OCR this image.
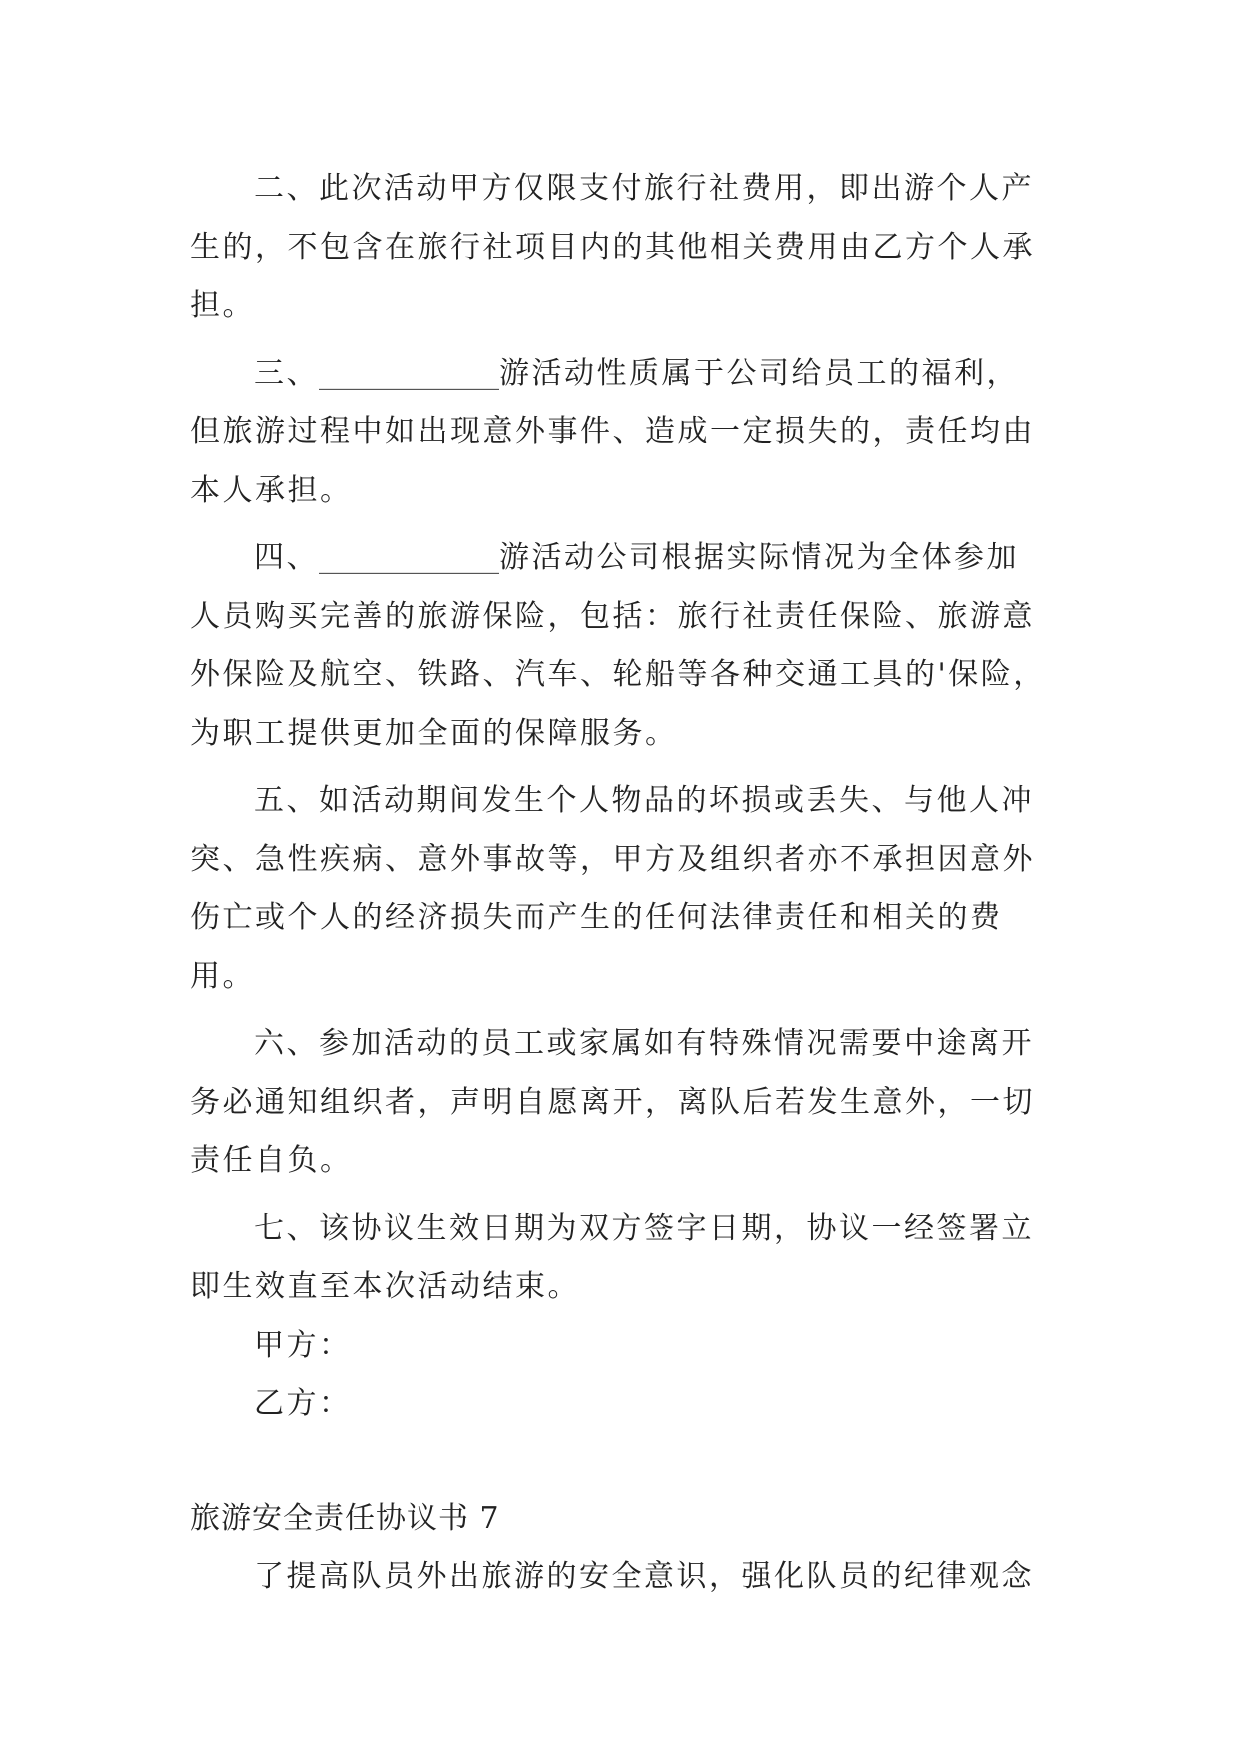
二、此次活动甲方仅限支付旅行社费用，即出游个人产
生的，不包含在旅行社项目内的其他相关费用由乙方个人承
担。
三、____________游活动性质属于公司给员工的福利，
但旅游过程中如出现意外事件、造成一定损失的，责任均由
本人承担。
四、____________游活动公司根据实际情况为全体参加
人员购买完善的旅游保险，包括：旅行社责任保险、旅游意
外保险及航空、铁路、汽车、轮船等各种交通工具的'保险，
为职工提供更加全面的保障服务。
五、如活动期间发生个人物品的坏损或丢失、与他人冲
突、急性疾病、意外事故等，甲方及组织者亦不承担因意外
伤亡或个人的经济损失而产生的任何法律责任和相关的费
用。
六、参加活动的员工或家属如有特殊情况需要中途离开
务必通知组织者，声明自愿离开，离队后若发生意外，一切
责任自负。
七、该协议生效日期为双方签字日期，协议一经签署立
即生效直至本次活动结束。

甲方：

乙方：

旅游安全责任协议书 7

了提高队员外出旅游的安全意识，强化队员的纪律观念
